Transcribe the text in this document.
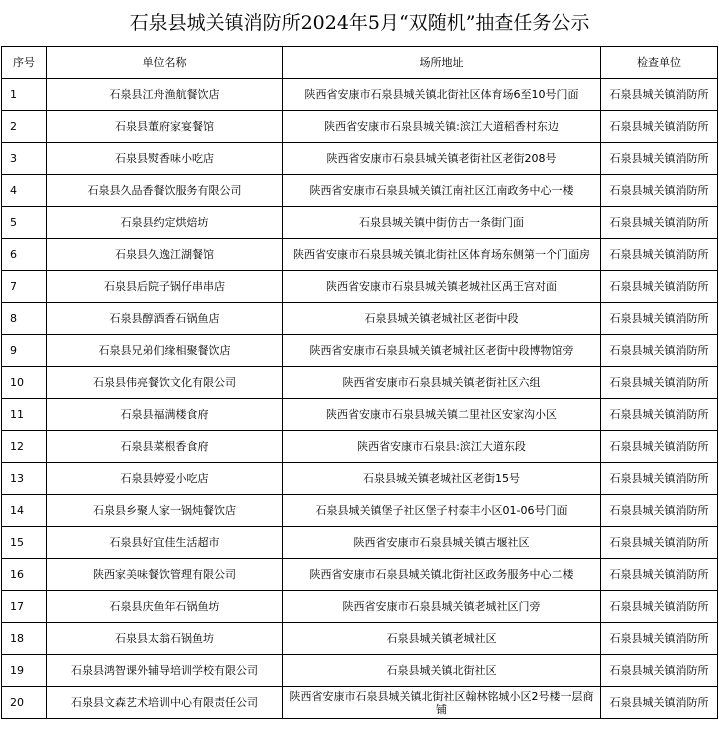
石泉县城关镇消防所2024年5月“双随机”抽查任务公示
序号	单位名称	场所地址	检查单位
1	石泉县江舟渔航餐饮店	陕西省安康市石泉县城关镇北街社区体育场6至10号门面	石泉县城关镇消防所
2	石泉县董府家宴餐馆	陕西省安康市石泉县城关镇:滨江大道稻香村东边	石泉县城关镇消防所
3	石泉县熨香味小吃店	陕西省安康市石泉县城关镇老街社区老街208号	石泉县城关镇消防所
4	石泉县久品香餐饮服务有限公司	陕西省安康市石泉县城关镇江南社区江南政务中心一楼	石泉县城关镇消防所
5	石泉县约定烘焙坊	石泉县城关镇中街仿古一条街门面	石泉县城关镇消防所
6	石泉县久逸江湖餐馆	陕西省安康市石泉县城关镇北街社区体育场东侧第一个门面房	石泉县城关镇消防所
7	石泉县后院子锅仔串串店	陕西省安康市石泉县城关镇老城社区禹王宫对面	石泉县城关镇消防所
8	石泉县醇酒香石锅鱼店	石泉县城关镇老城社区老街中段	石泉县城关镇消防所
9	石泉县兄弟们缘相聚餐饮店	陕西省安康市石泉县城关镇老城社区老街中段博物馆旁	石泉县城关镇消防所
10	石泉县伟亮餐饮文化有限公司	陕西省安康市石泉县城关镇老街社区六组	石泉县城关镇消防所
11	石泉县福满楼食府	陕西省安康市石泉县城关镇二里社区安家沟小区	石泉县城关镇消防所
12	石泉县菜根香食府	陕西省安康市石泉县:滨江大道东段	石泉县城关镇消防所
13	石泉县婷爱小吃店	石泉县城关镇老城社区老街15号	石泉县城关镇消防所
14	石泉县乡聚人家一锅炖餐饮店	石泉县城关镇堡子社区堡子村泰丰小区01-06号门面	石泉县城关镇消防所
15	石泉县好宜佳生活超市	陕西省安康市石泉县城关镇古堰社区	石泉县城关镇消防所
16	陕西家美味餐饮管理有限公司	陕西省安康市石泉县城关镇北街社区政务服务中心二楼	石泉县城关镇消防所
17	石泉县庆鱼年石锅鱼坊	陕西省安康市石泉县城关镇老城社区门旁	石泉县城关镇消防所
18	石泉县太翁石锅鱼坊	石泉县城关镇老城社区	石泉县城关镇消防所
19	石泉县鸿智课外辅导培训学校有限公司	石泉县城关镇北街社区	石泉县城关镇消防所
20	石泉县文森艺术培训中心有限责任公司	陕西省安康市石泉县城关镇北街社区翰林铭城小区2号楼一层商铺	石泉县城关镇消防所
